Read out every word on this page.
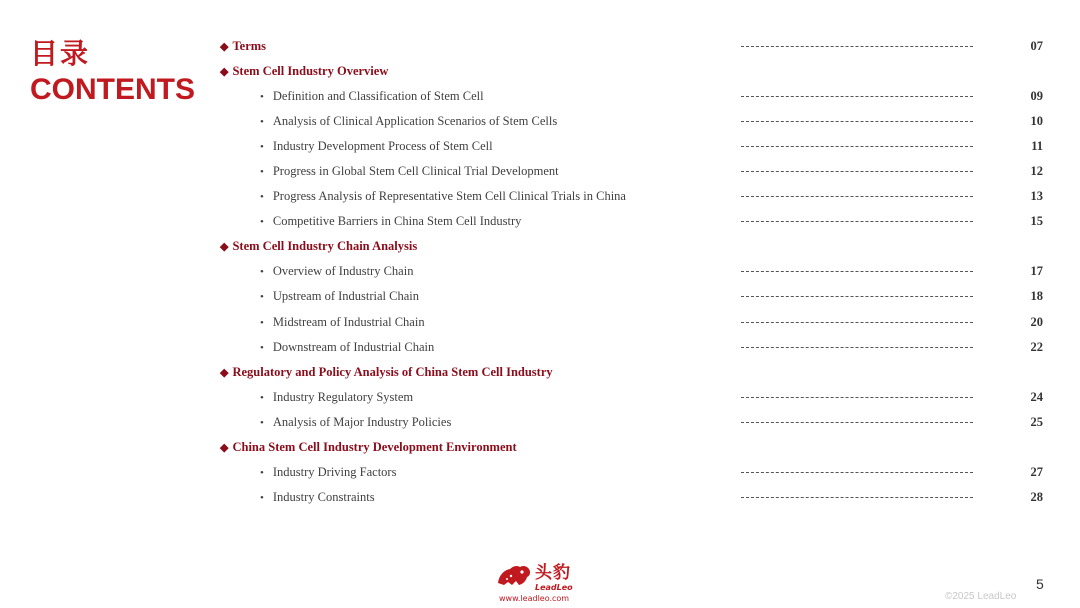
目录
CONTENTS
◆ Terms	07
◆ Stem Cell Industry Overview
• Definition and Classification of Stem Cell	09
• Analysis of Clinical Application Scenarios of Stem Cells	10
• Industry Development Process of Stem Cell	11
• Progress in Global Stem Cell Clinical Trial Development	12
• Progress Analysis of Representative Stem Cell Clinical Trials in China	13
• Competitive Barriers in China Stem Cell Industry	15
◆ Stem Cell Industry Chain Analysis
• Overview of Industry Chain	17
• Upstream of Industrial Chain	18
• Midstream of Industrial Chain	20
• Downstream of Industrial Chain	22
◆ Regulatory and Policy Analysis of China Stem Cell Industry
• Industry Regulatory System	24
• Analysis of Major Industry Policies	25
◆ China Stem Cell Industry Development Environment
• Industry Driving Factors	27
• Industry Constraints	28
头豹
LeadLeo
www.leadleo.com
5
©2025 LeadLeo
